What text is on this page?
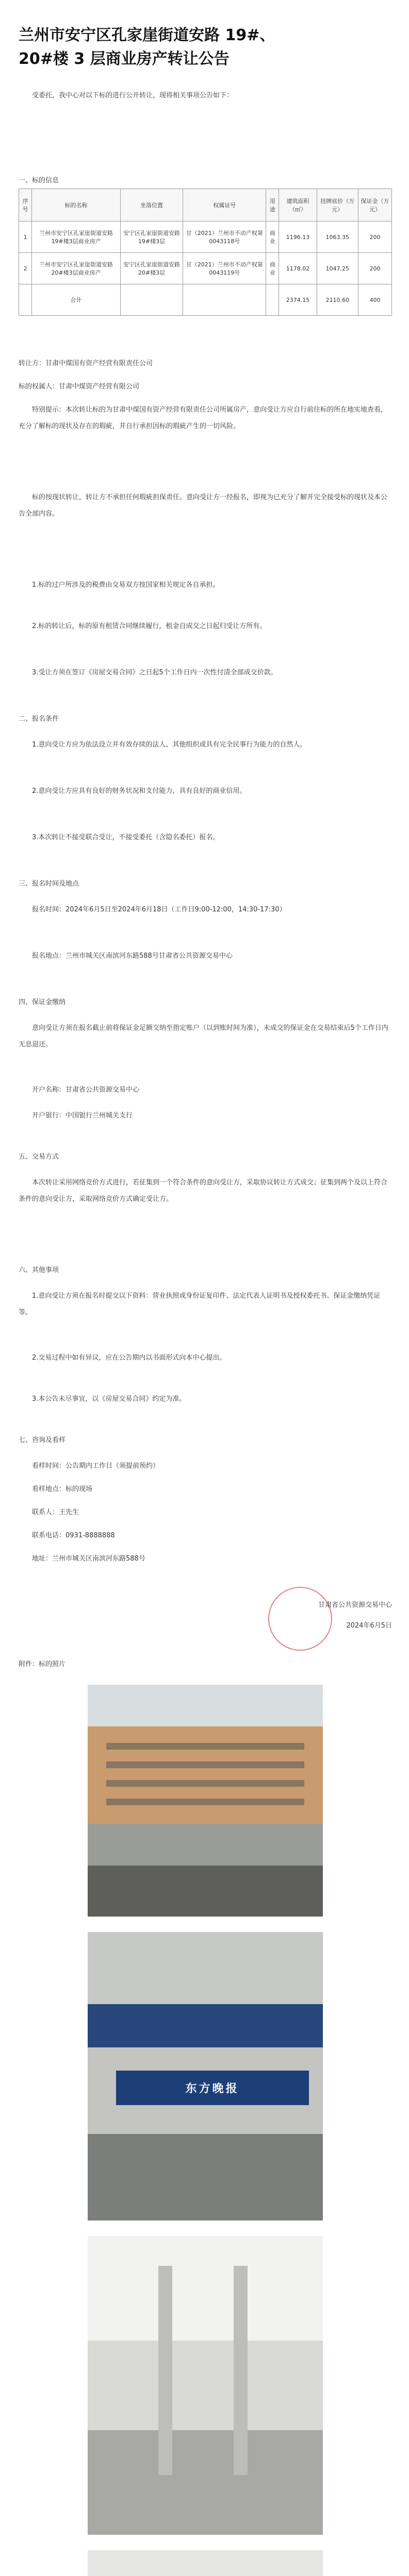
兰州市安宁区孔家崖街道安路 19#、20#楼 3 层商业房产转让公告
受委托，我中心对以下标的进行公开转让，现将相关事项公告如下：
一、标的信息
序号	标的名称	坐落位置	权属证号	用途	建筑面积（㎡）	挂牌底价（万元）	保证金（万元）
1	兰州市安宁区孔家崖街道安路19#楼3层商业房产	安宁区孔家崖街道安路19#楼3层	甘（2021）兰州市不动产权第0043118号	商业	1196.13	1063.35	200
2	兰州市安宁区孔家崖街道安路20#楼3层商业房产	安宁区孔家崖街道安路20#楼3层	甘（2021）兰州市不动产权第0043119号	商业	1178.02	1047.25	200
	合计				2374.15	2110.60	400
转让方：甘肃中煤国有资产经营有限责任公司
标的权属人：甘肃中煤资产经营有限公司
特别提示：本次转让标的为甘肃中煤国有资产经营有限责任公司所属房产，意向受让方应自行前往标的所在地实地查看，充分了解标的现状及存在的瑕疵，并自行承担因标的瑕疵产生的一切风险。
标的按现状转让，转让方不承担任何瑕疵担保责任。意向受让方一经报名，即视为已充分了解并完全接受标的现状及本公告全部内容。
1.标的过户所涉及的税费由交易双方按国家相关规定各自承担。
2.标的转让后，标的原有租赁合同继续履行，租金自成交之日起归受让方所有。
3.受让方须在签订《房屋交易合同》之日起5个工作日内一次性付清全部成交价款。
二、报名条件
1.意向受让方应为依法设立并有效存续的法人、其他组织或具有完全民事行为能力的自然人。
2.意向受让方应具有良好的财务状况和支付能力，具有良好的商业信用。
3.本次转让不接受联合受让，不接受委托（含隐名委托）报名。
三、报名时间及地点
报名时间：2024年6月5日至2024年6月18日（工作日9:00-12:00，14:30-17:30）
报名地点：兰州市城关区南滨河东路588号甘肃省公共资源交易中心
四、保证金缴纳
意向受让方须在报名截止前将保证金足额交纳至指定账户（以到账时间为准），未成交的保证金在交易结束后5个工作日内无息退还。
开户名称：甘肃省公共资源交易中心
开户银行：中国银行兰州城关支行
五、交易方式
本次转让采用网络竞价方式进行，若征集到一个符合条件的意向受让方，采取协议转让方式成交；征集到两个及以上符合条件的意向受让方，采取网络竞价方式确定受让方。
六、其他事项
1.意向受让方须在报名时提交以下资料：营业执照或身份证复印件、法定代表人证明书及授权委托书、保证金缴纳凭证等。
2.交易过程中如有异议，应在公告期内以书面形式向本中心提出。
3.本公告未尽事宜，以《房屋交易合同》约定为准。
七、咨询及看样
看样时间：公告期内工作日（须提前预约）
看样地点：标的现场
联系人：王先生
联系电话：0931-8888888
地址：兰州市城关区南滨河东路588号
甘肃省公共资源交易中心
2024年6月5日
附件：标的照片
东方晚报
